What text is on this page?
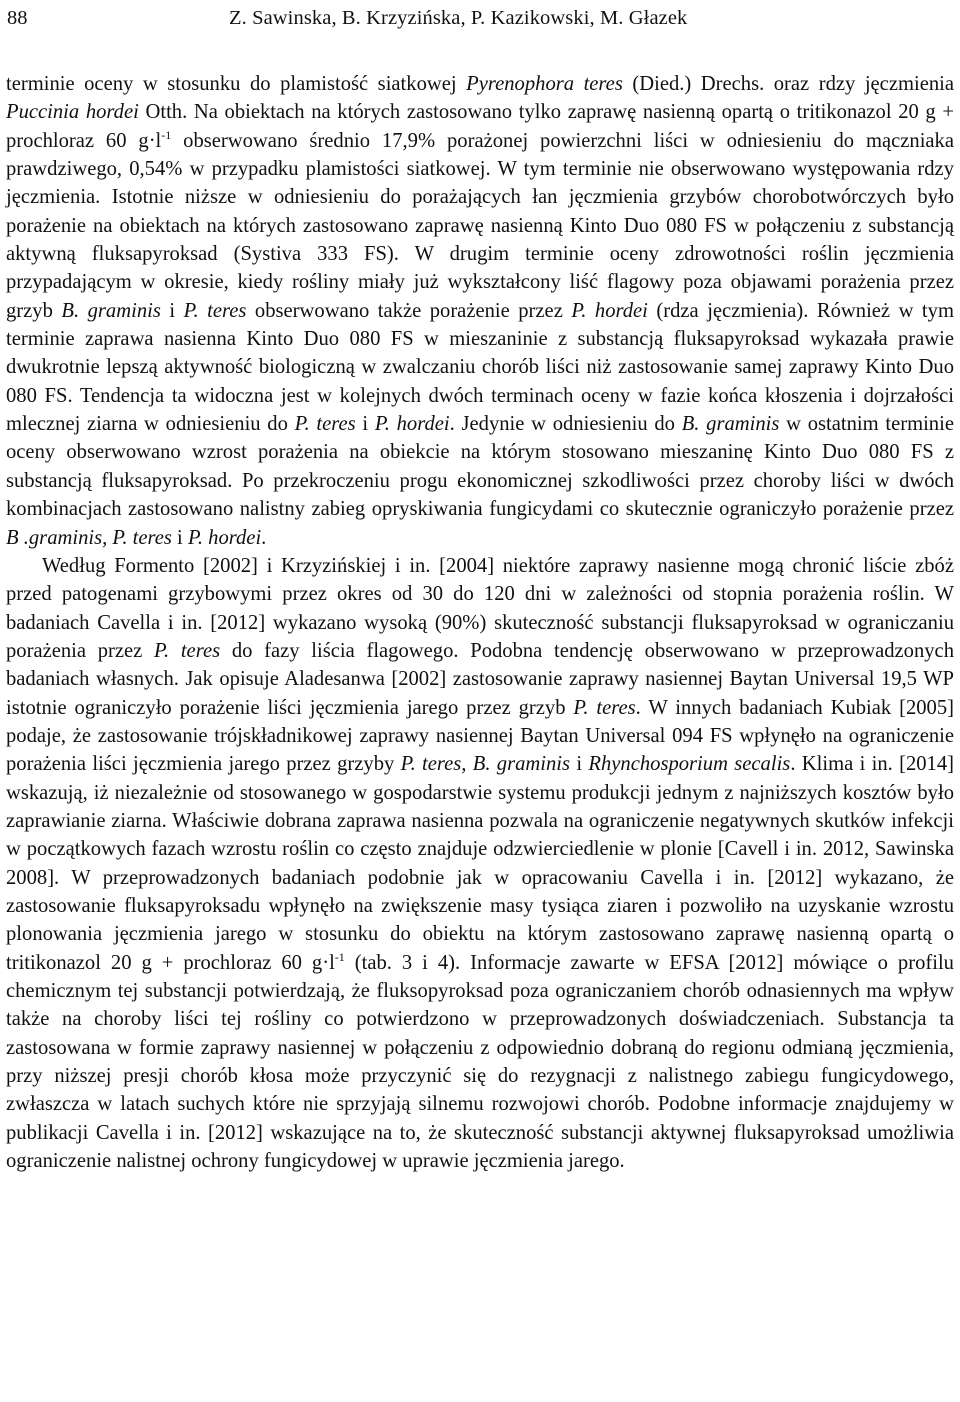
88	Z. Sawinska, B. Krzyzińska, P. Kazikowski, M. Głazek

terminie oceny w stosunku do plamistość siatkowej Pyrenophora teres (Died.) Drechs. oraz rdzy jęczmienia Puccinia hordei Otth. Na obiektach na których zastosowano tylko zaprawę nasienną opartą o tritikonazol 20 g + prochloraz 60 $g\cdot l^{-1}$ obserwowano średnio 17,9% porażonej powierzchni liści w odniesieniu do mączniaka prawdziwego, 0,54% w przypadku plamistości siatkowej. W tym terminie nie obserwowano występowania rdzy jęczmienia. Istotnie niższe w odniesieniu do porażających łan jęczmienia grzybów chorobotwórczych było porażenie na obiektach na których zastosowano zaprawę nasienną Kinto Duo 080 FS w połączeniu z substancją aktywną fluksapyroksad (Systiva 333 FS). W drugim terminie oceny zdrowotności roślin jęczmienia przypadającym w okresie, kiedy rośliny miały już wykształcony liść flagowy poza objawami porażenia przez grzyb B. graminis i P. teres obserwowano także porażenie przez P. hordei (rdza jęczmienia). Również w tym terminie zaprawa nasienna Kinto Duo 080 FS w mieszaninie z substancją fluksapyroksad wykazała prawie dwukrotnie lepszą aktywność biologiczną w zwalczaniu chorób liści niż zastosowanie samej zaprawy Kinto Duo 080 FS. Tendencja ta widoczna jest w kolejnych dwóch terminach oceny w fazie końca kłoszenia i dojrzałości mlecznej ziarna w odniesieniu do P. teres i P. hordei. Jedynie w odniesieniu do B. graminis w ostatnim terminie oceny obserwowano wzrost porażenia na obiekcie na którym stosowano mieszaninę Kinto Duo 080 FS z substancją fluksapyroksad. Po przekroczeniu progu ekonomicznej szkodliwości przez choroby liści w dwóch kombinacjach zastosowano nalistny zabieg opryskiwania fungicydami co skutecznie ograniczyło porażenie przez B .graminis, P. teres i P. hordei.

Według Formento [2002] i Krzyzińskiej i in. [2004] niektóre zaprawy nasienne mogą chronić liście zbóż przed patogenami grzybowymi przez okres od 30 do 120 dni w zależności od stopnia porażenia roślin. W badaniach Cavella i in. [2012] wykazano wysoką (90%) skuteczność substancji fluksapyroksad w ograniczaniu porażenia przez P. teres do fazy liścia flagowego. Podobna tendencję obserwowano w przeprowadzonych badaniach własnych. Jak opisuje Aladesanwa [2002] zastosowanie zaprawy nasiennej Baytan Universal 19,5 WP istotnie ograniczyło porażenie liści jęczmienia jarego przez grzyb P. teres. W innych badaniach Kubiak [2005] podaje, że zastosowanie trójskładnikowej zaprawy nasiennej Baytan Universal 094 FS wpłynęło na ograniczenie porażenia liści jęczmienia jarego przez grzyby P. teres, B. graminis i Rhynchosporium secalis. Klima i in. [2014] wskazują, iż niezależnie od stosowanego w gospodarstwie systemu produkcji jednym z najniższych kosztów było zaprawianie ziarna. Właściwie dobrana zaprawa nasienna pozwala na ograniczenie negatywnych skutków infekcji w początkowych fazach wzrostu roślin co często znajduje odzwierciedlenie w plonie [Cavell i in. 2012, Sawinska 2008]. W przeprowadzonych badaniach podobnie jak w opracowaniu Cavella i in. [2012] wykazano, że zastosowanie fluksapyroksadu wpłynęło na zwiększenie masy tysiąca ziaren i pozwoliło na uzyskanie wzrostu plonowania jęczmienia jarego w stosunku do obiektu na którym zastosowano zaprawę nasienną opartą o tritikonazol 20 g + prochloraz 60 $g\cdot l^{-1}$ (tab. 3 i 4). Informacje zawarte w EFSA [2012] mówiące o profilu chemicznym tej substancji potwierdzają, że fluksopyroksad poza ograniczaniem chorób odnasiennych ma wpływ także na choroby liści tej rośliny co potwierdzono w przeprowadzonych doświadczeniach. Substancja ta zastosowana w formie zaprawy nasiennej w połączeniu z odpowiednio dobraną do regionu odmianą jęczmienia, przy niższej presji chorób kłosa może przyczynić się do rezygnacji z nalistnego zabiegu fungicydowego, zwłaszcza w latach suchych które nie sprzyjają silnemu rozwojowi chorób. Podobne informacje znajdujemy w publikacji Cavella i in. [2012] wskazujące na to, że skuteczność substancji aktywnej fluksapyroksad umożliwia ograniczenie nalistnej ochrony fungicydowej w uprawie jęczmienia jarego.
